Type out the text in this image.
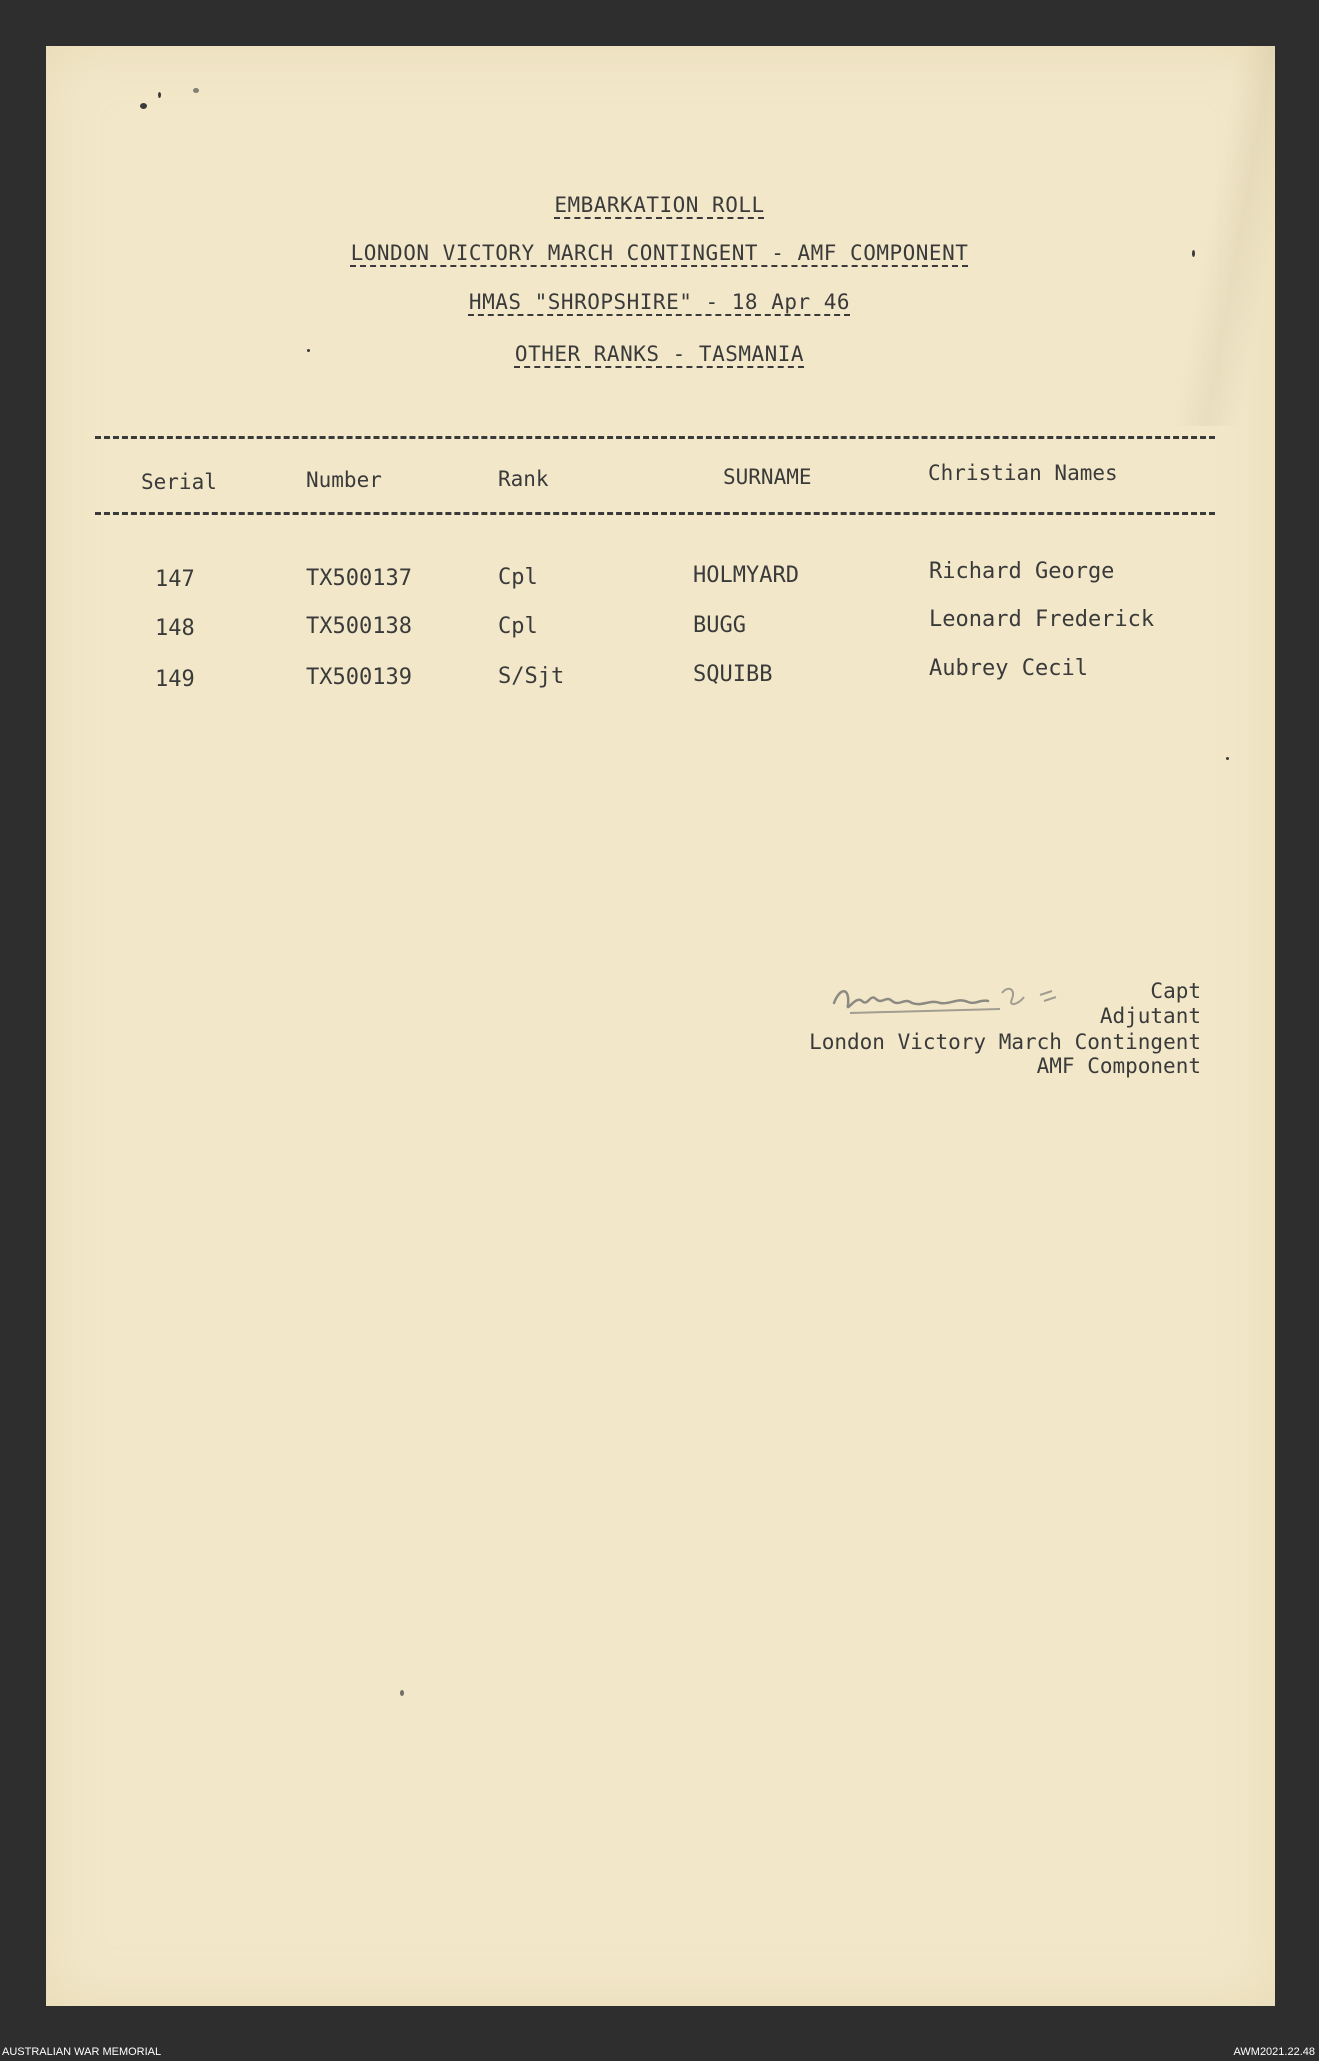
EMBARKATION ROLL
LONDON VICTORY MARCH CONTINGENT - AMF COMPONENT
HMAS "SHROPSHIRE" - 18 Apr 46
OTHER RANKS - TASMANIA
Serial	Number	Rank	SURNAME	Christian Names
147	TX500137	Cpl	HOLMYARD	Richard George
148	TX500138	Cpl	BUGG	Leonard Frederick
149	TX500139	S/Sjt	SQUIBB	Aubrey Cecil
Capt
Adjutant
London Victory March Contingent
AMF Component
AUSTRALIAN WAR MEMORIAL	AWM2021.22.48
